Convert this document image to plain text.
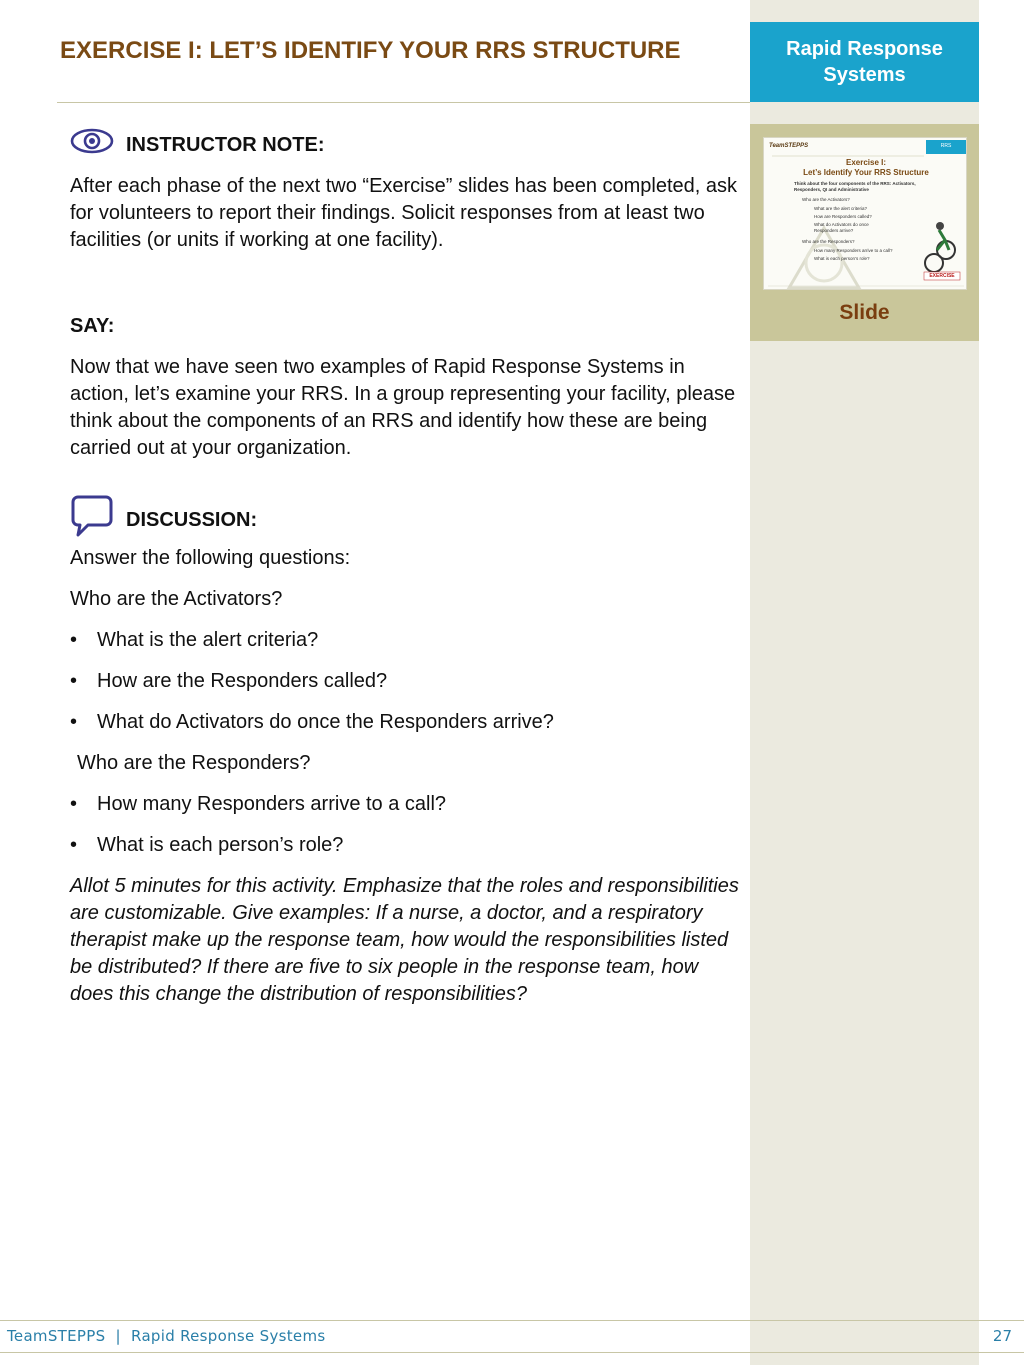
Rapid Response Systems
TeamSTEPPS	RRS
Exercise I:
Let’s Identify Your RRS Structure
Think about the four components of the RRS: Activators, Responders, QI and Administrative
Who are the Activators?
What are the alert criteria?
How are Responders called?
What do Activators do once Responders arrive?
Who are the Responders?
How many Responders arrive to a call?
What is each person’s role?
EXERCISE
Slide
EXERCISE I: LET’S IDENTIFY YOUR RRS STRUCTURE
INSTRUCTOR NOTE:

After each phase of the next two “Exercise” slides has been completed, ask for volunteers to report their findings. Solicit responses from at least two facilities (or units if working at one facility).

SAY:

Now that we have seen two examples of Rapid Response Systems in action, let’s examine your RRS. In a group representing your facility, please think about the components of an RRS and identify how these are being carried out at your organization.

DISCUSSION:

Answer the following questions:

Who are the Activators?

• What is the alert criteria?
• How are the Responders called?
• What do Activators do once the Responders arrive?

Who are the Responders?

• How many Responders arrive to a call?
• What is each person’s role?

Allot 5 minutes for this activity. Emphasize that the roles and responsibilities are customizable. Give examples: If a nurse, a doctor, and a respiratory therapist make up the response team, how would the responsibilities listed be distributed? If there are five to six people in the response team, how does this change the distribution of responsibilities?

TeamSTEPPS  |  Rapid Response Systems	27
